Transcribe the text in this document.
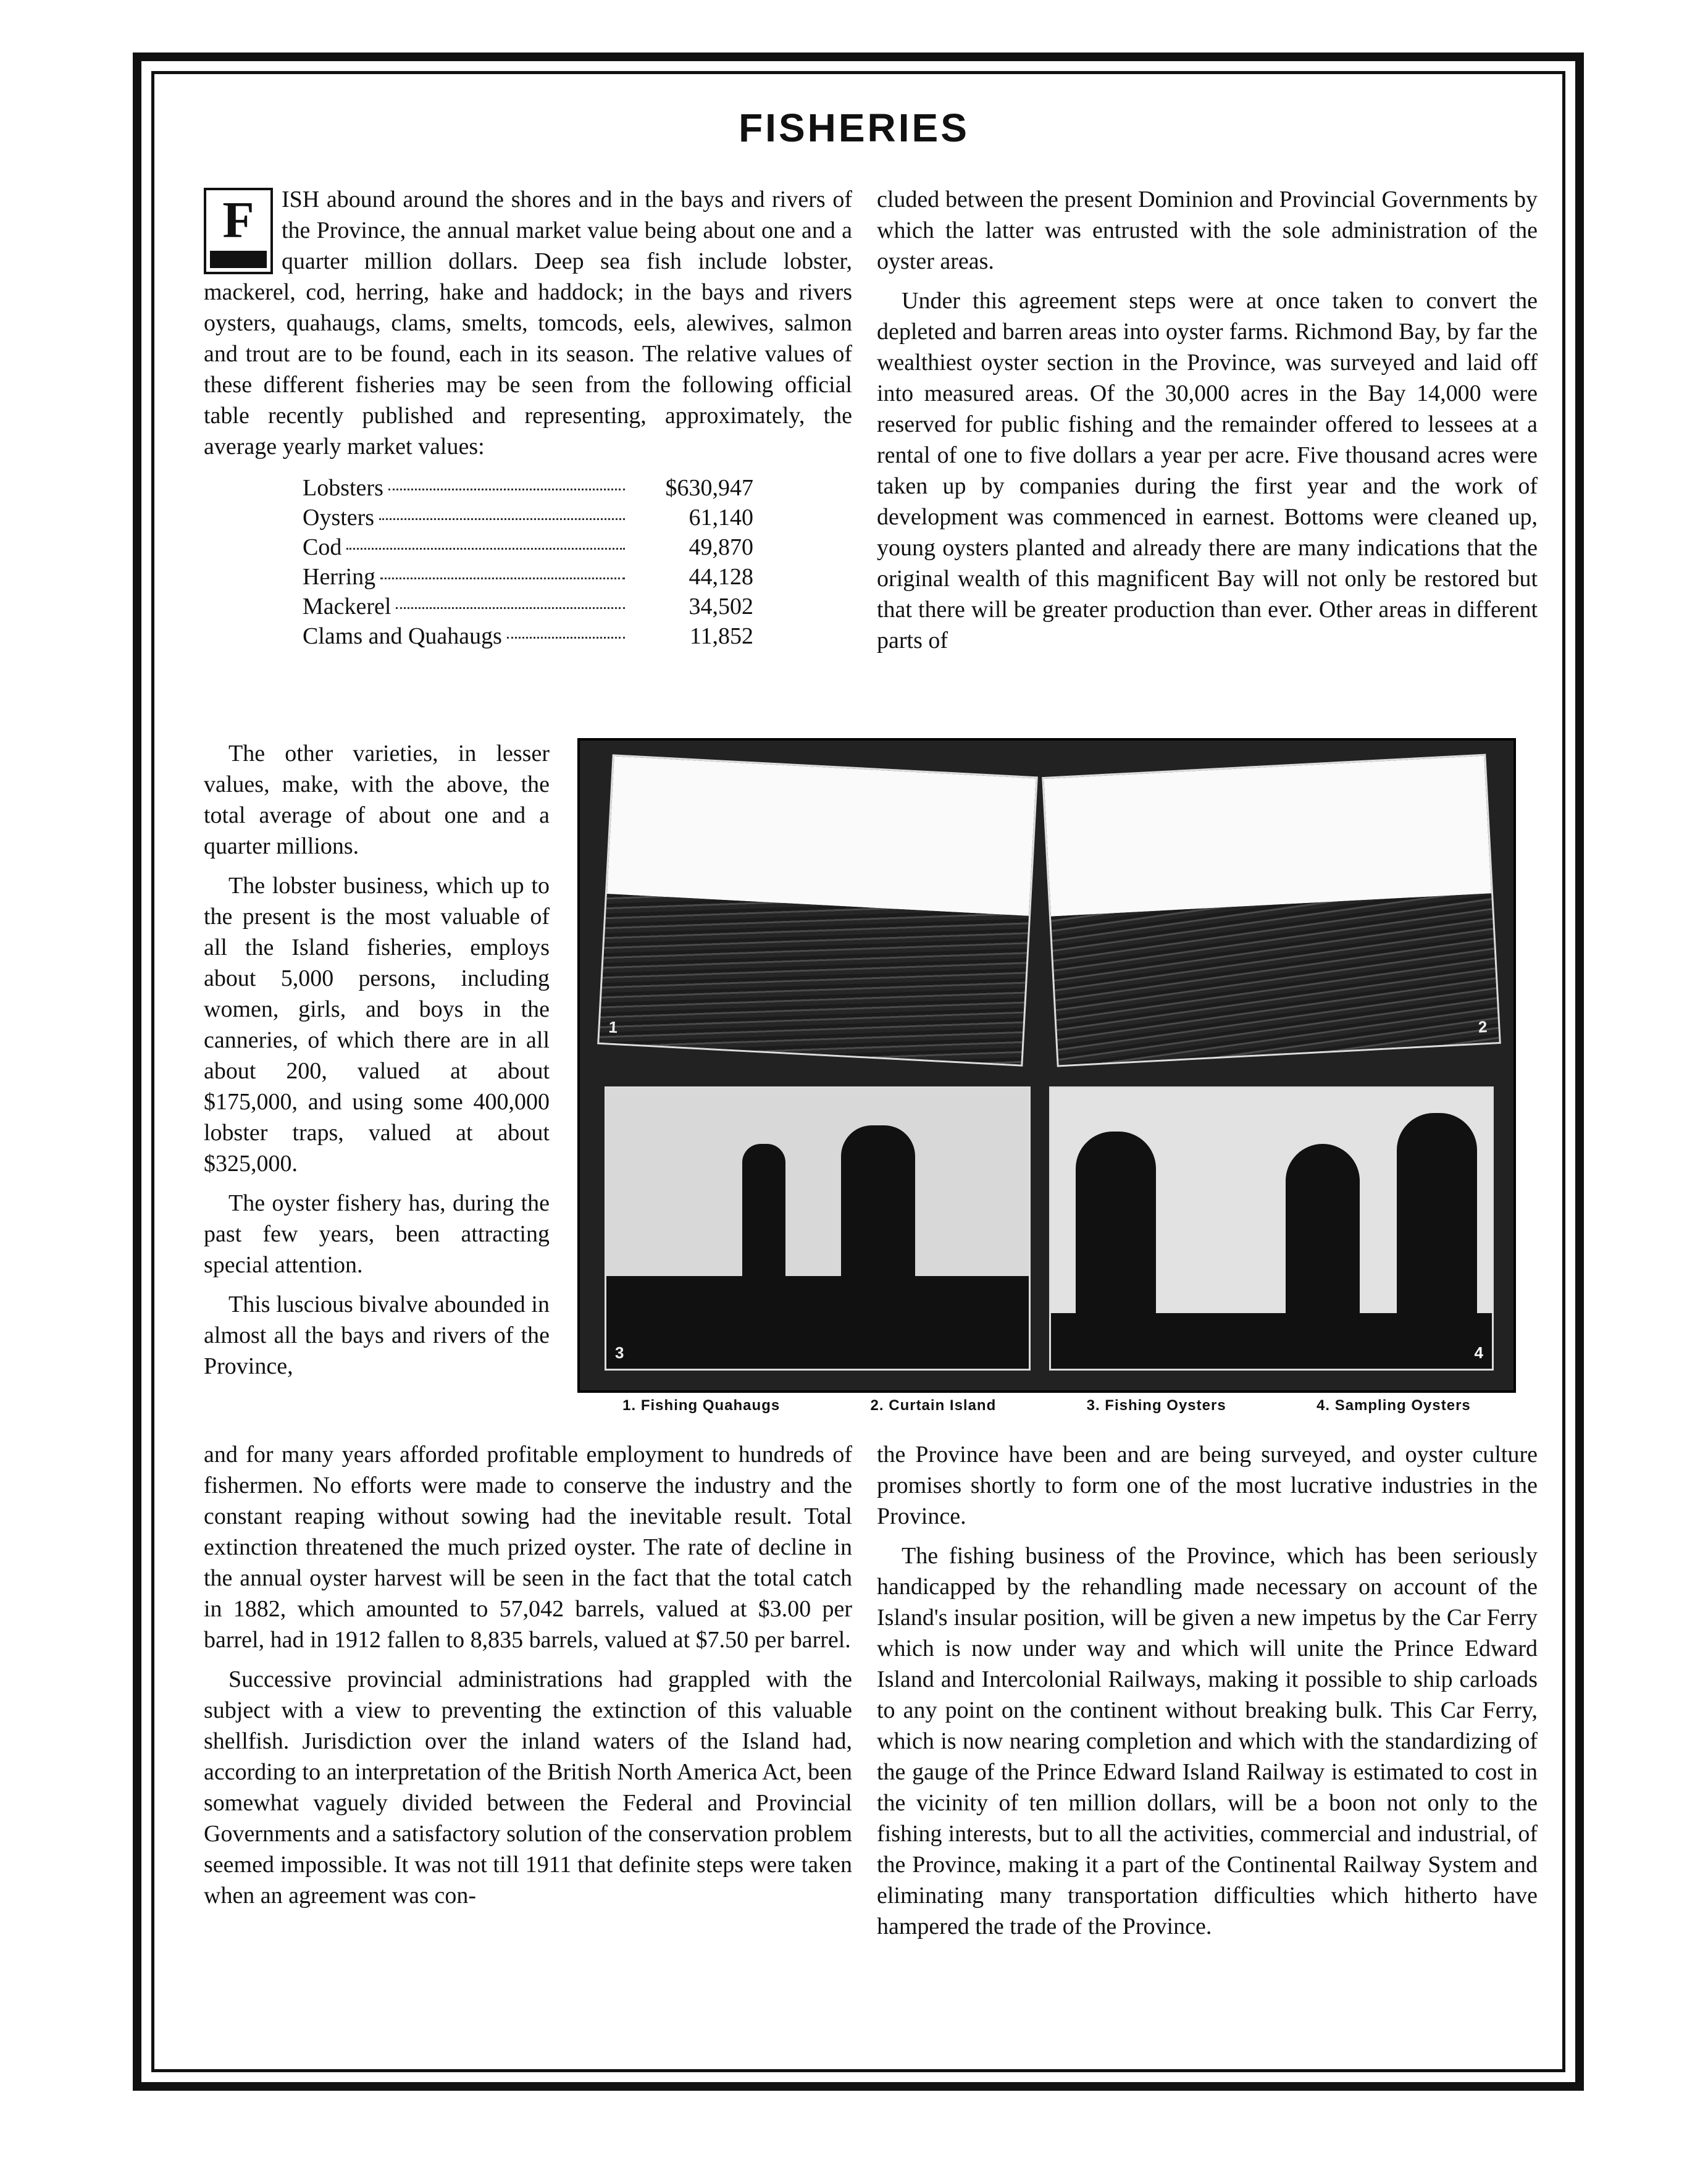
FISHERIES
F	ISH abound around the shores and in the bays and rivers of the Province, the annual market value being about one and a quarter million dollars. Deep sea fish include lobster, mackerel, cod, herring, hake and haddock; in the bays and rivers oysters, quahaugs, clams, smelts, tomcods, eels, alewives, salmon and trout are to be found, each in its season. The relative values of these different fisheries may be seen from the following official table recently published and representing, approximately, the average yearly market values:

Lobsters	$630,947
Oysters	61,140
Cod	49,870
Herring	44,128
Mackerel	34,502
Clams and Quahaugs	11,852

cluded between the present Dominion and Provincial Governments by which the latter was entrusted with the sole administration of the oyster areas.

Under this agreement steps were at once taken to convert the depleted and barren areas into oyster farms. Richmond Bay, by far the wealthiest oyster section in the Province, was surveyed and laid off into measured areas. Of the 30,000 acres in the Bay 14,000 were reserved for public fishing and the remainder offered to lessees at a rental of one to five dollars a year per acre. Five thousand acres were taken up by companies during the first year and the work of development was commenced in earnest. Bottoms were cleaned up, young oysters planted and already there are many indications that the original wealth of this magnificent Bay will not only be restored but that there will be greater production than ever. Other areas in different parts of

The other varieties, in lesser values, make, with the above, the total average of about one and a quarter millions.

The lobster business, which up to the present is the most valuable of all the Island fisheries, employs about 5,000 persons, including women, girls, and boys in the canneries, of which there are in all about 200, valued at about $175,000, and using some 400,000 lobster traps, valued at about $325,000.

The oyster fishery has, during the past few years, been attracting special attention.

This luscious bivalve abounded in almost all the bays and rivers of the Province,

1	2
3	4
1. Fishing Quahaugs	2. Curtain Island	3. Fishing Oysters	4. Sampling Oysters

and for many years afforded profitable employment to hundreds of fishermen. No efforts were made to conserve the industry and the constant reaping without sowing had the inevitable result. Total extinction threatened the much prized oyster. The rate of decline in the annual oyster harvest will be seen in the fact that the total catch in 1882, which amounted to 57,042 barrels, valued at $3.00 per barrel, had in 1912 fallen to 8,835 barrels, valued at $7.50 per barrel.

Successive provincial administrations had grappled with the subject with a view to preventing the extinction of this valuable shellfish. Jurisdiction over the inland waters of the Island had, according to an interpretation of the British North America Act, been somewhat vaguely divided between the Federal and Provincial Governments and a satisfactory solution of the conservation problem seemed impossible. It was not till 1911 that definite steps were taken when an agreement was con-

the Province have been and are being surveyed, and oyster culture promises shortly to form one of the most lucrative industries in the Province.

The fishing business of the Province, which has been seriously handicapped by the rehandling made necessary on account of the Island's insular position, will be given a new impetus by the Car Ferry which is now under way and which will unite the Prince Edward Island and Intercolonial Railways, making it possible to ship carloads to any point on the continent without breaking bulk. This Car Ferry, which is now nearing completion and which with the standardizing of the gauge of the Prince Edward Island Railway is estimated to cost in the vicinity of ten million dollars, will be a boon not only to the fishing interests, but to all the activities, commercial and industrial, of the Province, making it a part of the Continental Railway System and eliminating many transportation difficulties which hitherto have hampered the trade of the Province.
